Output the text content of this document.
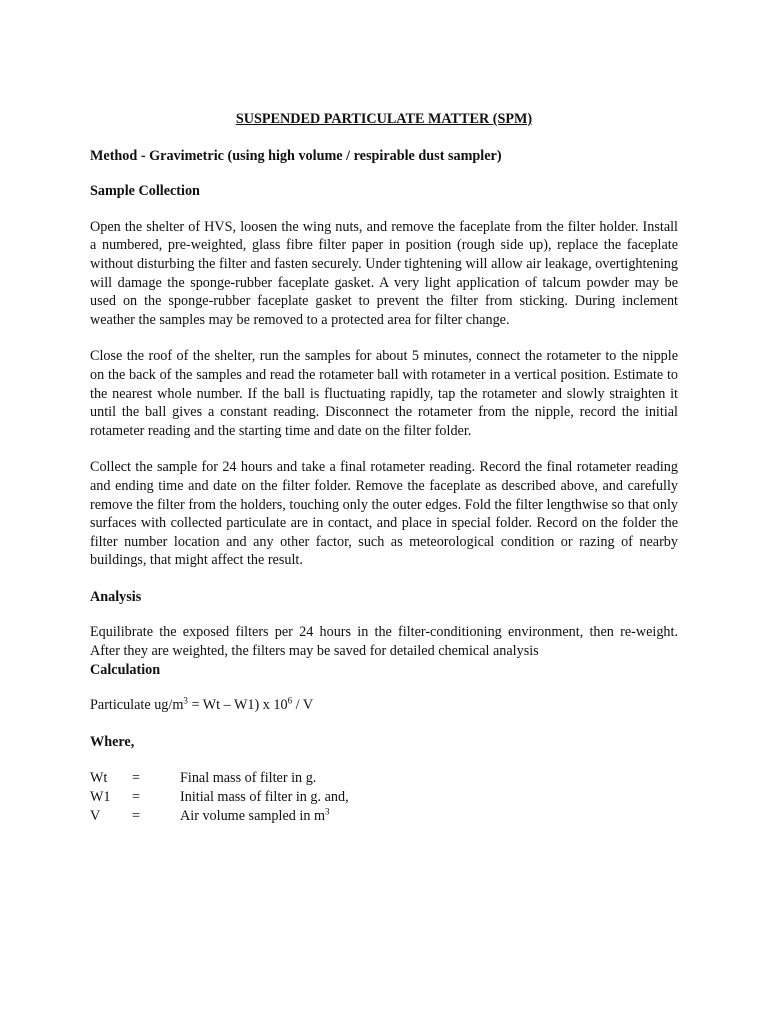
SUSPENDED PARTICULATE MATTER (SPM)
Method - Gravimetric (using high volume / respirable dust sampler)
Sample Collection

Open the shelter of HVS, loosen the wing nuts, and remove the faceplate from the filter holder. Install a numbered, pre-weighted, glass fibre filter paper in position (rough side up), replace the faceplate without disturbing the filter and fasten securely. Under tightening will allow air leakage, overtightening will damage the sponge-rubber faceplate gasket. A very light application of talcum powder may be used on the sponge-rubber faceplate gasket to prevent the filter from sticking. During inclement weather the samples may be removed to a protected area for filter change.

Close the roof of the shelter, run the samples for about 5 minutes, connect the rotameter to the nipple on the back of the samples and read the rotameter ball with rotameter in a vertical position. Estimate to the nearest whole number. If the ball is fluctuating rapidly, tap the rotameter and slowly straighten it until the ball gives a constant reading. Disconnect the rotameter from the nipple, record the initial rotameter reading and the starting time and date on the filter folder.

Collect the sample for 24 hours and take a final rotameter reading. Record the final rotameter reading and ending time and date on the filter folder. Remove the faceplate as described above, and carefully remove the filter from the holders, touching only the outer edges. Fold the filter lengthwise so that only surfaces with collected particulate are in contact, and place in special folder. Record on the folder the filter number location and any other factor, such as meteorological condition or razing of nearby buildings, that might affect the result.

Analysis

Equilibrate the exposed filters per 24 hours in the filter-conditioning environment, then re-weight. After they are weighted, the filters may be saved for detailed chemical analysis

Calculation
Particulate $ug/m^3 = Wt - W1$) x $10^6$ / V
Where,
Wt	=	Final mass of filter in g.
W1	=	Initial mass of filter in g. and,
V	=	Air volume sampled in $m^3$
